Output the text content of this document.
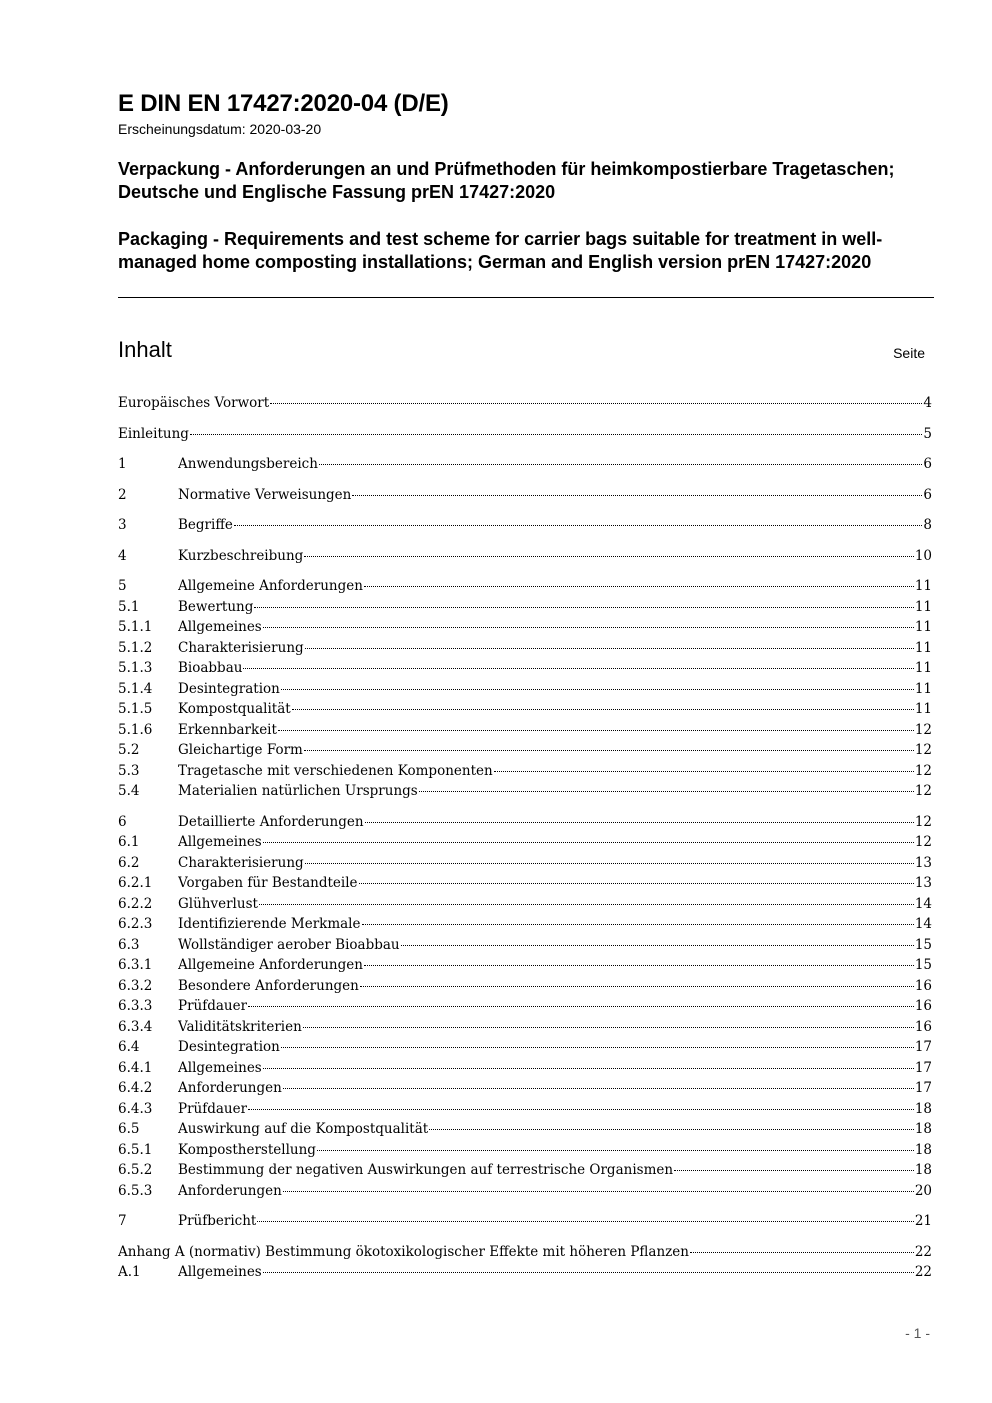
E DIN EN 17427:2020-04 (D/E)
Erscheinungsdatum: 2020-03-20
Verpackung - Anforderungen an und Prüfmethoden für heimkompostierbare Tragetaschen; Deutsche und Englische Fassung prEN 17427:2020
Packaging - Requirements and test scheme for carrier bags suitable for treatment in well-managed home composting installations; German and English version prEN 17427:2020
Inhalt	Seite
Europäisches Vorwort	4
Einleitung	5
1	Anwendungsbereich	6
2	Normative Verweisungen	6
3	Begriffe	8
4	Kurzbeschreibung	10
5	Allgemeine Anforderungen	11
5.1	Bewertung	11
5.1.1	Allgemeines	11
5.1.2	Charakterisierung	11
5.1.3	Bioabbau	11
5.1.4	Desintegration	11
5.1.5	Kompostqualität	11
5.1.6	Erkennbarkeit	12
5.2	Gleichartige Form	12
5.3	Tragetasche mit verschiedenen Komponenten	12
5.4	Materialien natürlichen Ursprungs	12
6	Detaillierte Anforderungen	12
6.1	Allgemeines	12
6.2	Charakterisierung	13
6.2.1	Vorgaben für Bestandteile	13
6.2.2	Glühverlust	14
6.2.3	Identifizierende Merkmale	14
6.3	Wollständiger aerober Bioabbau	15
6.3.1	Allgemeine Anforderungen	15
6.3.2	Besondere Anforderungen	16
6.3.3	Prüfdauer	16
6.3.4	Validitätskriterien	16
6.4	Desintegration	17
6.4.1	Allgemeines	17
6.4.2	Anforderungen	17
6.4.3	Prüfdauer	18
6.5	Auswirkung auf die Kompostqualität	18
6.5.1	Kompostherstellung	18
6.5.2	Bestimmung der negativen Auswirkungen auf terrestrische Organismen	18
6.5.3	Anforderungen	20
7	Prüfbericht	21
Anhang A (normativ) Bestimmung ökotoxikologischer Effekte mit höheren Pflanzen	22
A.1	Allgemeines	22
- 1 -
